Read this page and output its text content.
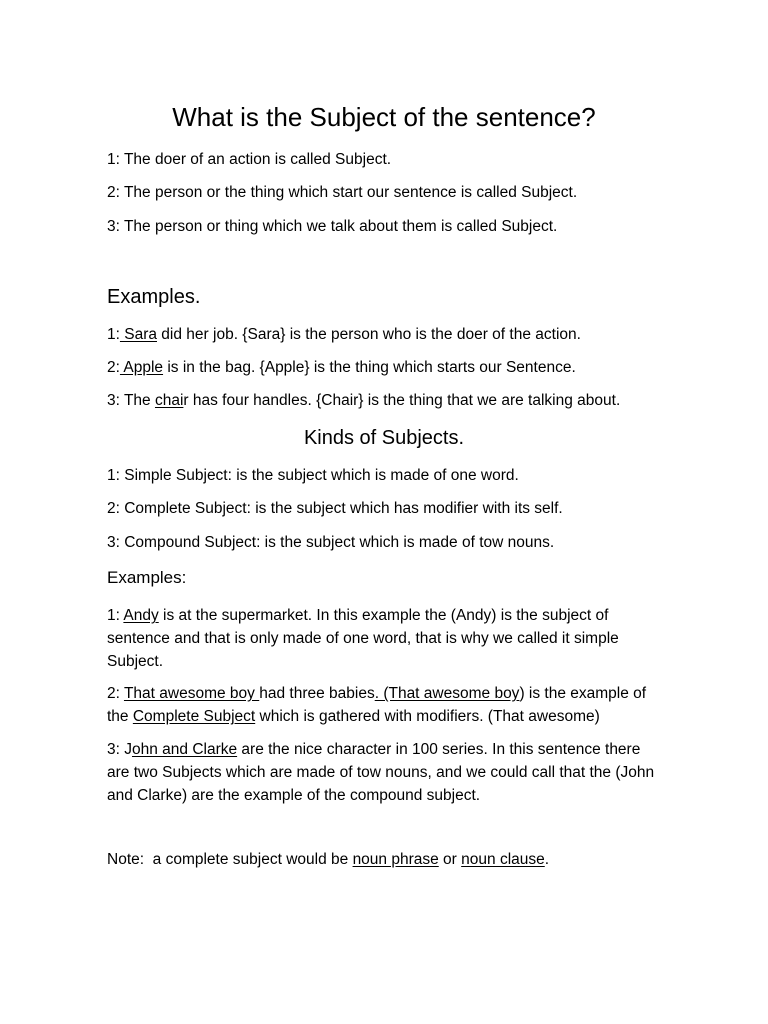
What is the Subject of the sentence?
1: The doer of an action is called Subject.
2: The person or the thing which start our sentence is called Subject.
3: The person or thing which we talk about them is called Subject.
Examples.
1: Sara did her job. {Sara} is the person who is the doer of the action.
2: Apple is in the bag. {Apple} is the thing which starts our Sentence.
3: The chair has four handles. {Chair} is the thing that we are talking about.
Kinds of Subjects.
1: Simple Subject: is the subject which is made of one word.
2: Complete Subject: is the subject which has modifier with its self.
3: Compound Subject: is the subject which is made of tow nouns.
Examples:
1: Andy is at the supermarket. In this example the (Andy) is the subject of sentence and that is only made of one word, that is why we called it simple Subject.
2: That awesome boy had three babies. (That awesome boy) is the example of the Complete Subject which is gathered with modifiers. (That awesome)
3: John and Clarke are the nice character in 100 series. In this sentence there are two Subjects which are made of tow nouns, and we could call that the (John and Clarke) are the example of the compound subject.
Note:  a complete subject would be noun phrase or noun clause.
